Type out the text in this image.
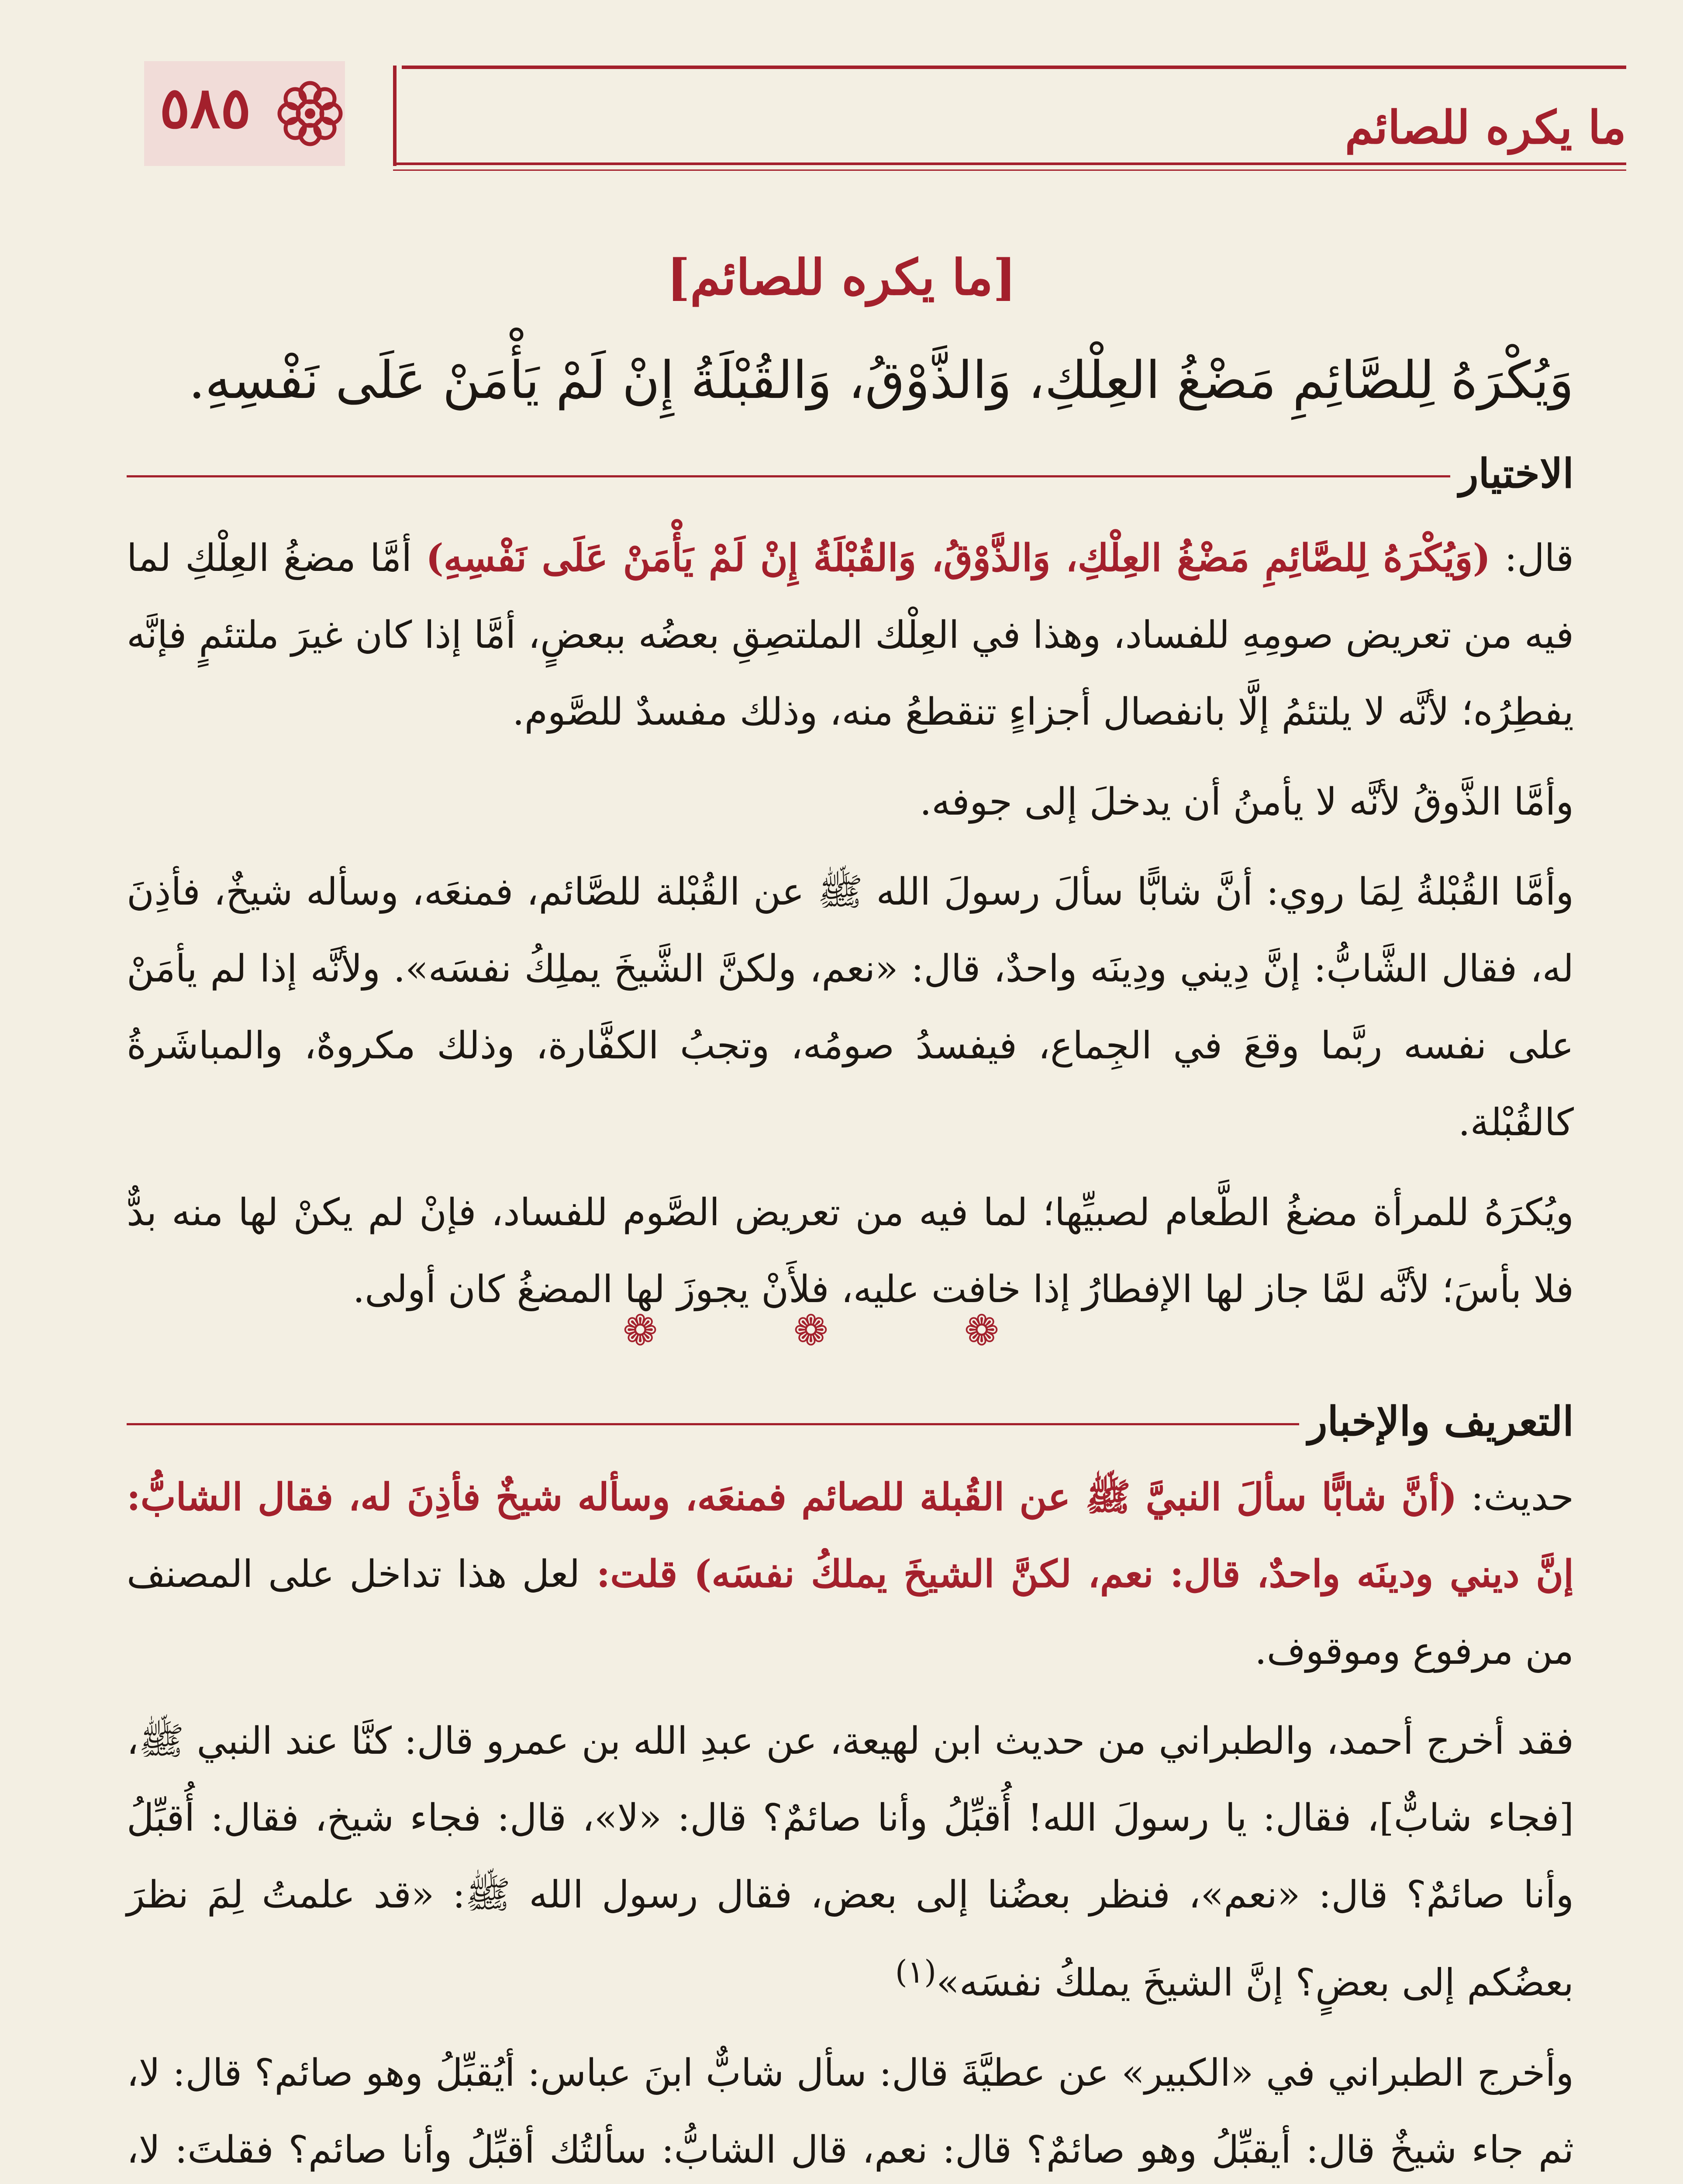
ما يكره للصائم
٥٨٥
[ما يكره للصائم]
وَيُكْرَهُ لِلصَّائِمِ مَضْغُ العِلْكِ، وَالذَّوْقُ، وَالقُبْلَةُ إِنْ لَمْ يَأْمَنْ عَلَى نَفْسِهِ.
الاختيار

قال: (وَيُكْرَهُ لِلصَّائِمِ مَضْغُ العِلْكِ، وَالذَّوْقُ، وَالقُبْلَةُ إِنْ لَمْ يَأْمَنْ عَلَى نَفْسِهِ) أمَّا مضغُ العِلْكِ لما فيه من تعريض صومِهِ للفساد، وهذا في العِلْك الملتصِقِ بعضُه ببعضٍ، أمَّا إذا كان غيرَ ملتئمٍ فإنَّه يفطِرُه؛ لأنَّه لا يلتئمُ إلَّا بانفصال أجزاءٍ تنقطعُ منه، وذلك مفسدٌ للصَّوم.

وأمَّا الذَّوقُ لأنَّه لا يأمنُ أن يدخلَ إلى جوفه.

وأمَّا القُبْلةُ لِمَا روي: أنَّ شابًّا سألَ رسولَ الله ﷺ عن القُبْلة للصَّائم، فمنعَه، وسأله شيخٌ، فأذِنَ له، فقال الشَّابُّ: إنَّ دِيني ودِينَه واحدٌ، قال: «نعم، ولكنَّ الشَّيخَ يملِكُ نفسَه». ولأنَّه إذا لم يأمَنْ على نفسه ربَّما وقعَ في الجِماع، فيفسدُ صومُه، وتجبُ الكفَّارة، وذلك مكروهٌ، والمباشَرةُ كالقُبْلة.

ويُكرَهُ للمرأة مضغُ الطَّعام لصبيِّها؛ لما فيه من تعريض الصَّوم للفساد، فإنْ لم يكنْ لها منه بدٌّ فلا بأسَ؛ لأنَّه لمَّا جاز لها الإفطارُ إذا خافت عليه، فلأَنْ يجوزَ لها المضغُ كان أولى.

❁ ❁ ❁
التعريف والإخبار

حديث: (أنَّ شابًّا سألَ النبيَّ ﷺ عن القُبلة للصائم فمنعَه، وسأله شيخٌ فأذِنَ له، فقال الشابُّ: إنَّ ديني ودينَه واحدٌ، قال: نعم، لكنَّ الشيخَ يملكُ نفسَه) قلت: لعل هذا تداخل على المصنف من مرفوع وموقوف.

فقد أخرج أحمد، والطبراني من حديث ابن لهيعة، عن عبدِ الله بن عمرو قال: كنَّا عند النبي ﷺ، [فجاء شابٌّ]، فقال: يا رسولَ الله! أُقبِّلُ وأنا صائمٌ؟ قال: «لا»، قال: فجاء شيخ، فقال: أُقبِّلُ وأنا صائمٌ؟ قال: «نعم»، فنظر بعضُنا إلى بعض، فقال رسول الله ﷺ: «قد علمتُ لِمَ نظرَ بعضُكم إلى بعضٍ؟ إنَّ الشيخَ يملكُ نفسَه»$^{(١)}$

وأخرج الطبراني في «الكبير» عن عطيَّةَ قال: سأل شابٌّ ابنَ عباس: أيُقبِّلُ وهو صائم؟ قال: لا، ثم جاء شيخٌ قال: أيقبِّلُ وهو صائمٌ؟ قال: نعم، قال الشابُّ: سألتُك أقبِّلُ وأنا صائم؟ فقلتَ: لا،
